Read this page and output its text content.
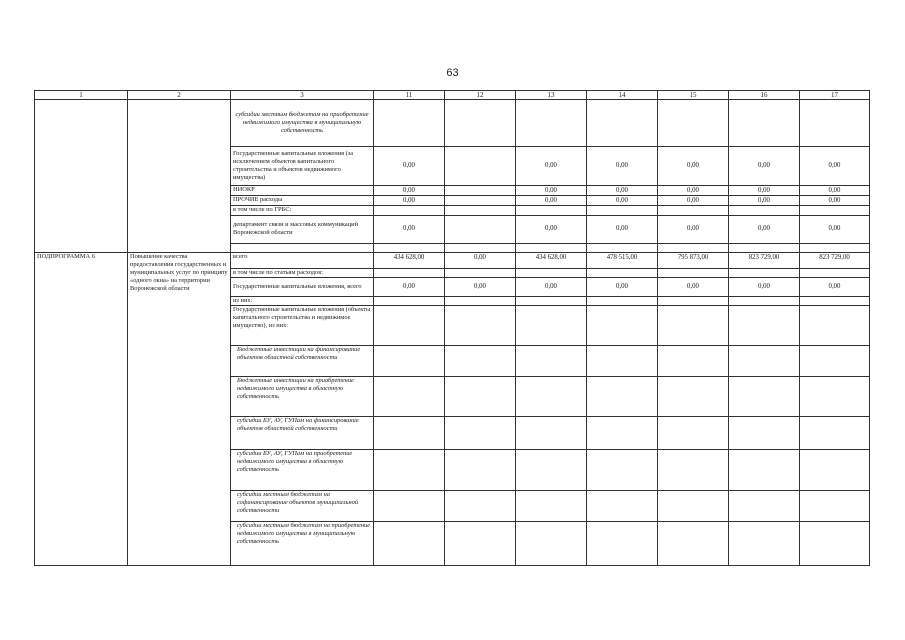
63
1	2	3	11	12	13	14	15	16	17
		субсидии местным бюджетам на приобретение недвижимого имущества в муниципальную собственность							
		Государственные капитальные вложения (за исключением объектов капитального строительства и объектов недвижимого имущества)	0,00		0,00	0,00	0,00	0,00	0,00
		НИОКР	0,00		0,00	0,00	0,00	0,00	0,00
		ПРОЧИЕ расходы	0,00		0,00	0,00	0,00	0,00	0,00
		в том числе по ГРБС:							
		департамент связи и массовых коммуникаций Воронежской области	0,00		0,00	0,00	0,00	0,00	0,00

ПОДПРОГРАММА 6	Повышение качества предоставления государственных и муниципальных услуг по принципу «одного окна» на территории Воронежской области	всего	434 628,00	0,00	434 628,00	478 515,00	795 873,00	823 729,00	823 729,00
		в том числе по статьям расходов:							
		Государственные капитальные вложения, всего	0,00	0,00	0,00	0,00	0,00	0,00	0,00
		из них:							
		Государственные капитальные вложения (объекты капитального строительства и недвижимое имущество), из них:							
		Бюджетные инвестиции на финансирование объектов областной собственности							
		Бюджетные инвестиции на приобретение недвижимого имущества в областную собственность							
		субсидии БУ, АУ, ГУПам на финансирование объектов областной собственности							
		субсидии БУ, АУ, ГУПам на приобретение недвижимого имущества в областную собственность							
		субсидии местным бюджетам на софинансирование объектов муниципальной собственности							
		субсидии местным бюджетам на приобретение недвижимого имущества в муниципальную собственность							
